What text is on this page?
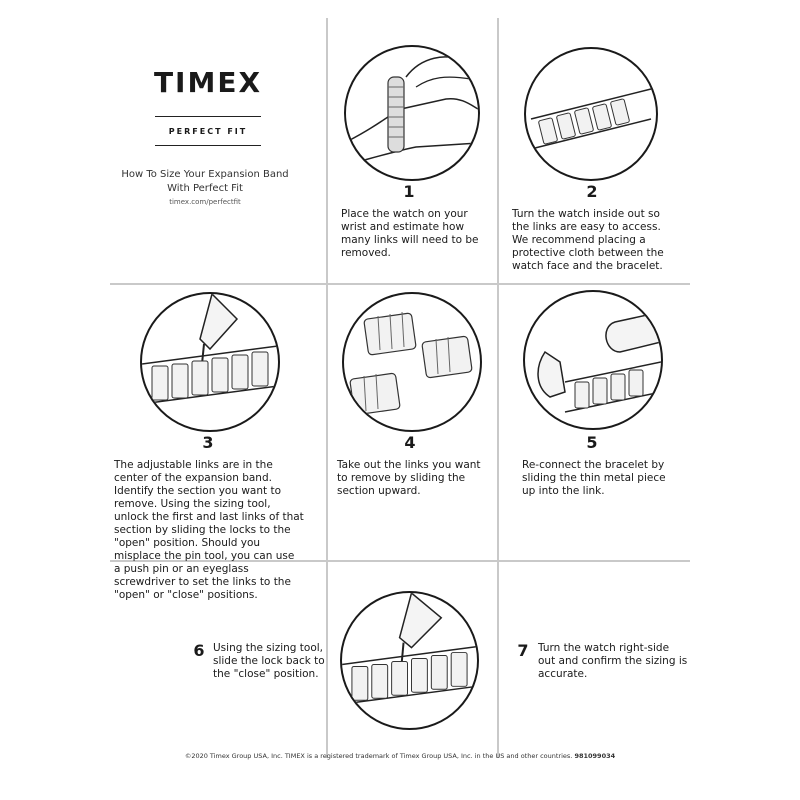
TIMEX
PERFECT FIT
How To Size Your Expansion Band
With Perfect Fit
timex.com/perfectfit
1
Place the watch on your wrist and estimate how many links will need to be removed.
2
Turn the watch inside out so the links are easy to access. We recommend placing a protective cloth between the watch face and the bracelet.
3
The adjustable links are in the center of the expansion band. Identify the section you want to remove. Using the sizing tool, unlock the first and last links of that section by sliding the locks to the "open" position. Should you misplace the pin tool, you can use a push pin or an eyeglass screwdriver to set the links to the "open" or "close" positions.
4
Take out the links you want to remove by sliding the section upward.
5
Re-connect the bracelet by sliding the thin metal piece up into the link.
6 Using the sizing tool, slide the lock back to the "close" position.
7 Turn the watch right-side out and confirm the sizing is accurate.
©2020 Timex Group USA, Inc. TIMEX is a registered trademark of Timex Group USA, Inc. in the US and other countries. 981099034
